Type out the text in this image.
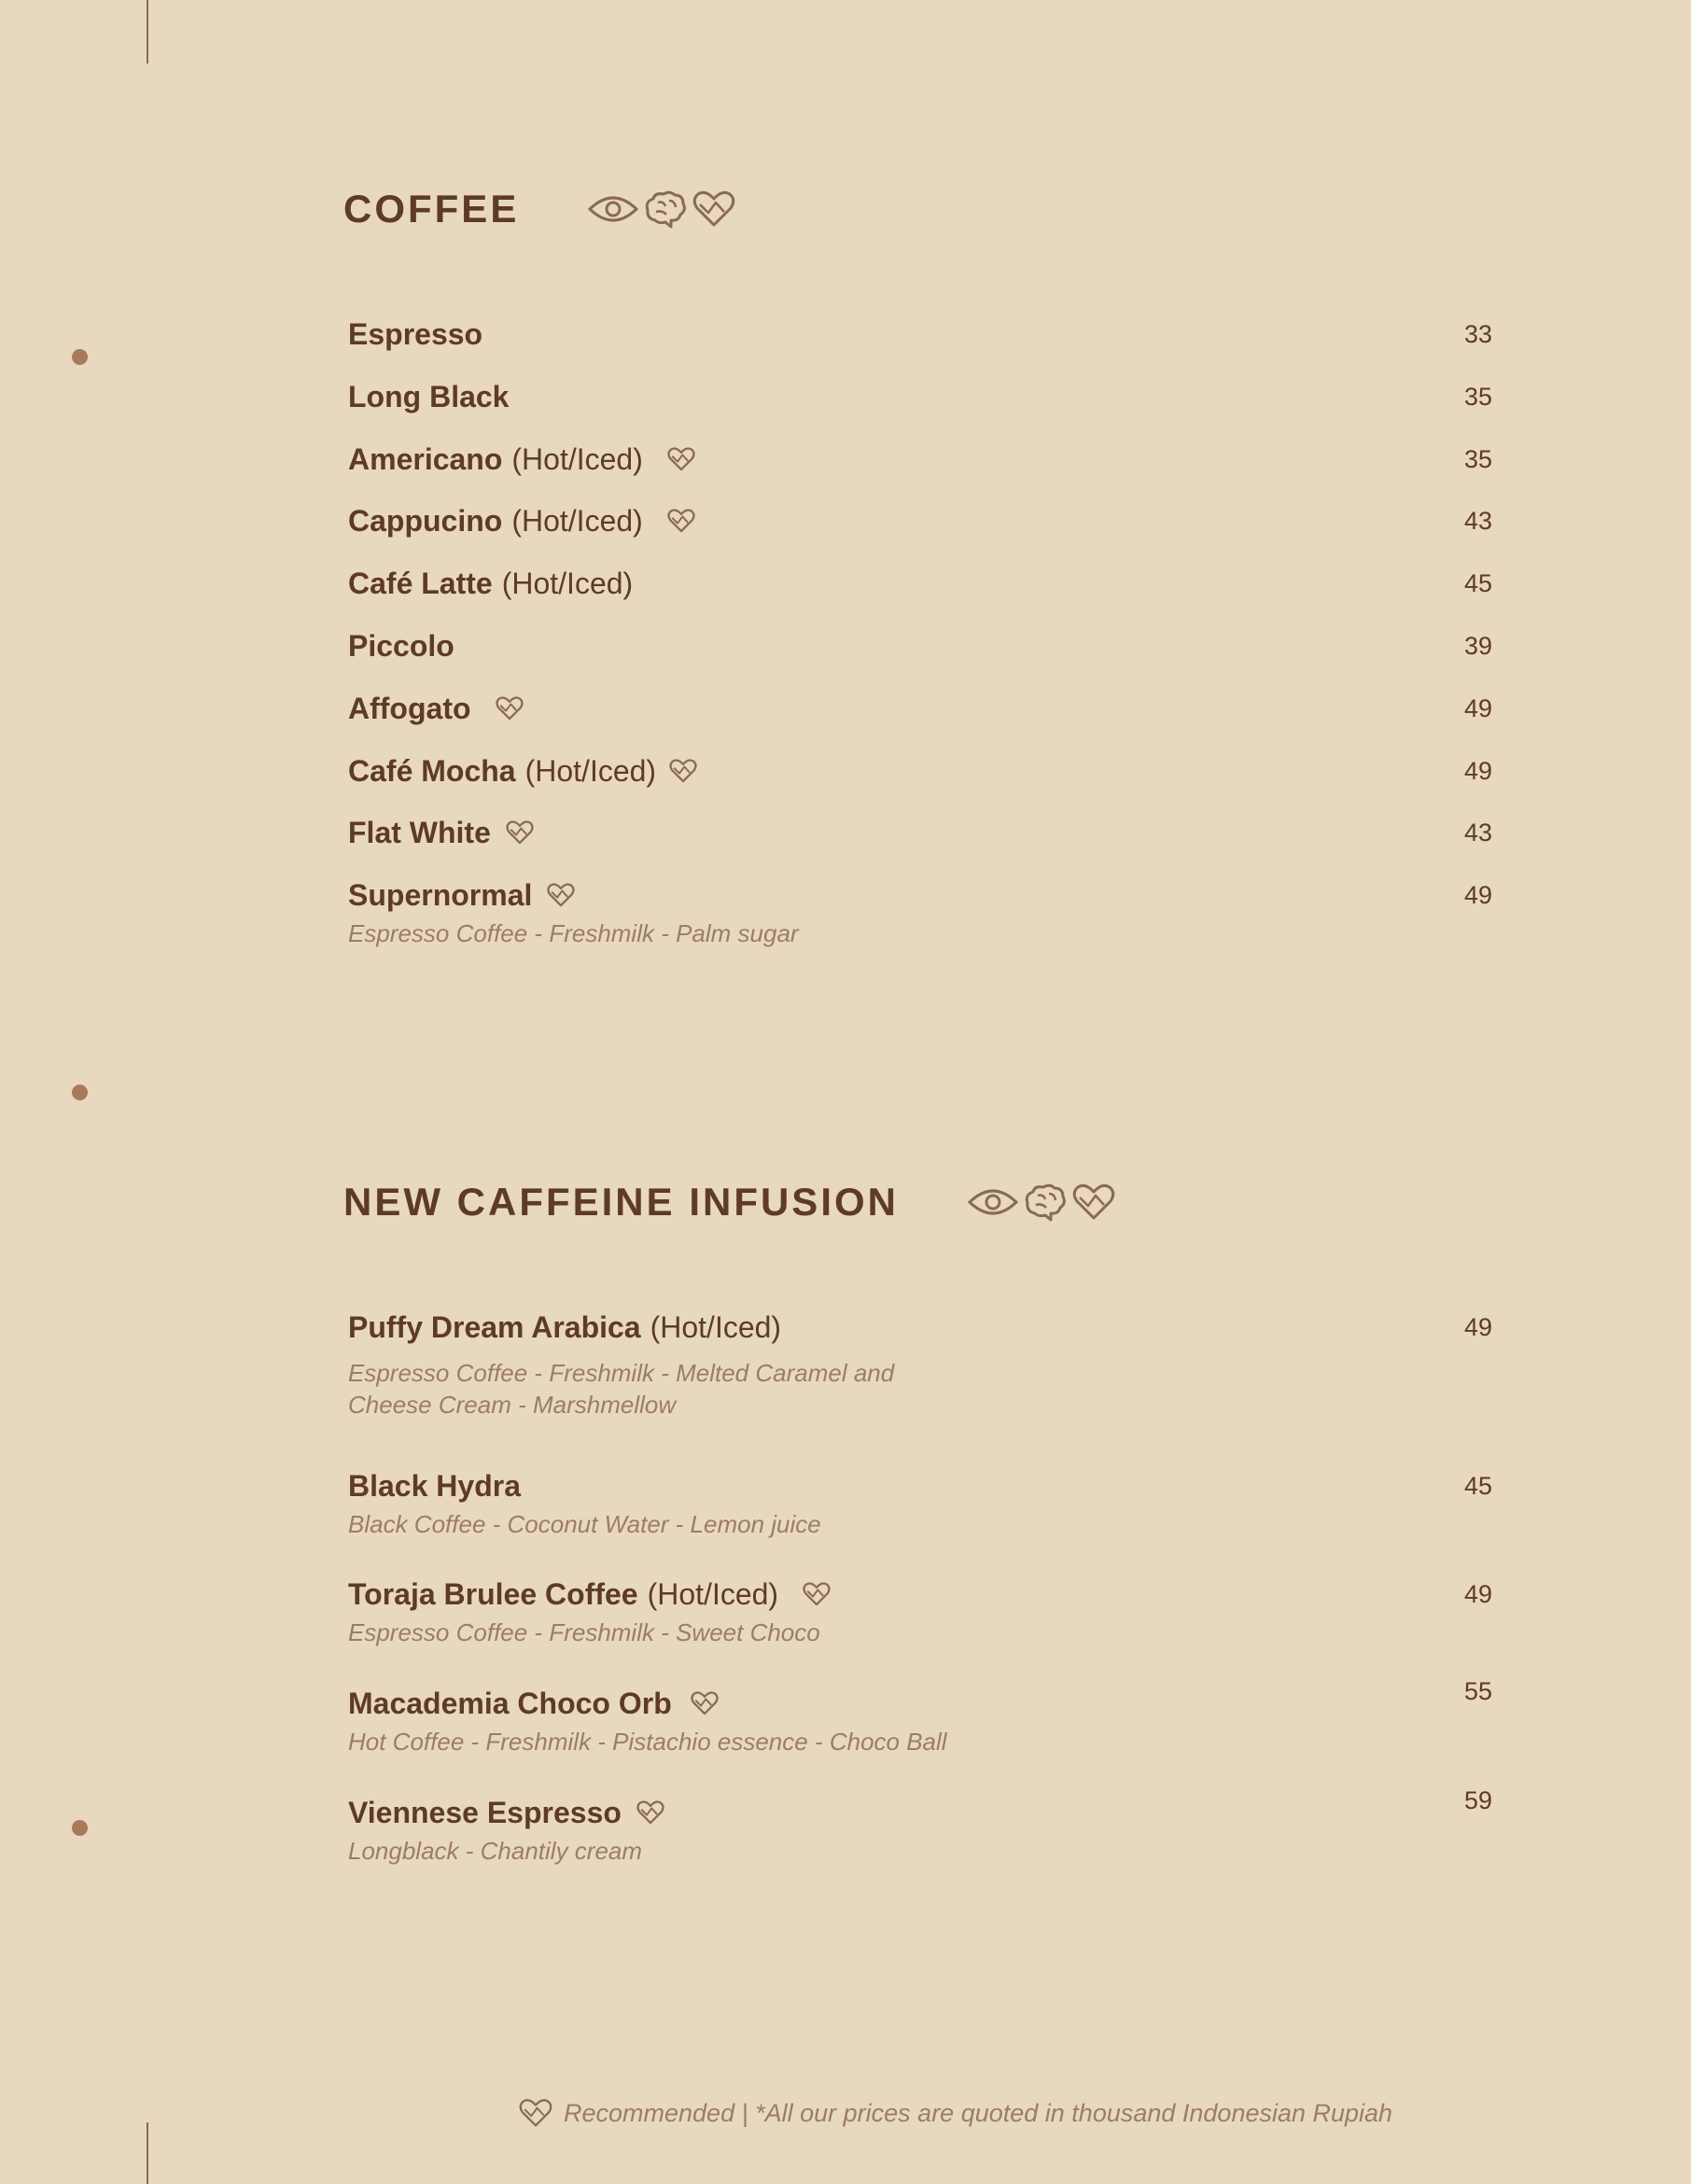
COFFEE
Espresso	33
Long Black	35
Americano (Hot/Iced)	35
Cappucino (Hot/Iced)	43
Café Latte (Hot/Iced)	45
Piccolo	39
Affogato	49
Café Mocha (Hot/Iced)	49
Flat White	43
Supernormal	49
Espresso Coffee - Freshmilk - Palm sugar
NEW CAFFEINE INFUSION
Puffy Dream Arabica (Hot/Iced)	49
Espresso Coffee - Freshmilk - Melted Caramel and
Cheese Cream - Marshmellow
Black Hydra	45
Black Coffee - Coconut Water - Lemon juice
Toraja Brulee Coffee (Hot/Iced)	49
Espresso Coffee - Freshmilk - Sweet Choco
Macademia Choco Orb	55
Hot Coffee - Freshmilk - Pistachio essence - Choco Ball
Viennese Espresso	59
Longblack - Chantily cream
Recommended | *All our prices are quoted in thousand Indonesian Rupiah
